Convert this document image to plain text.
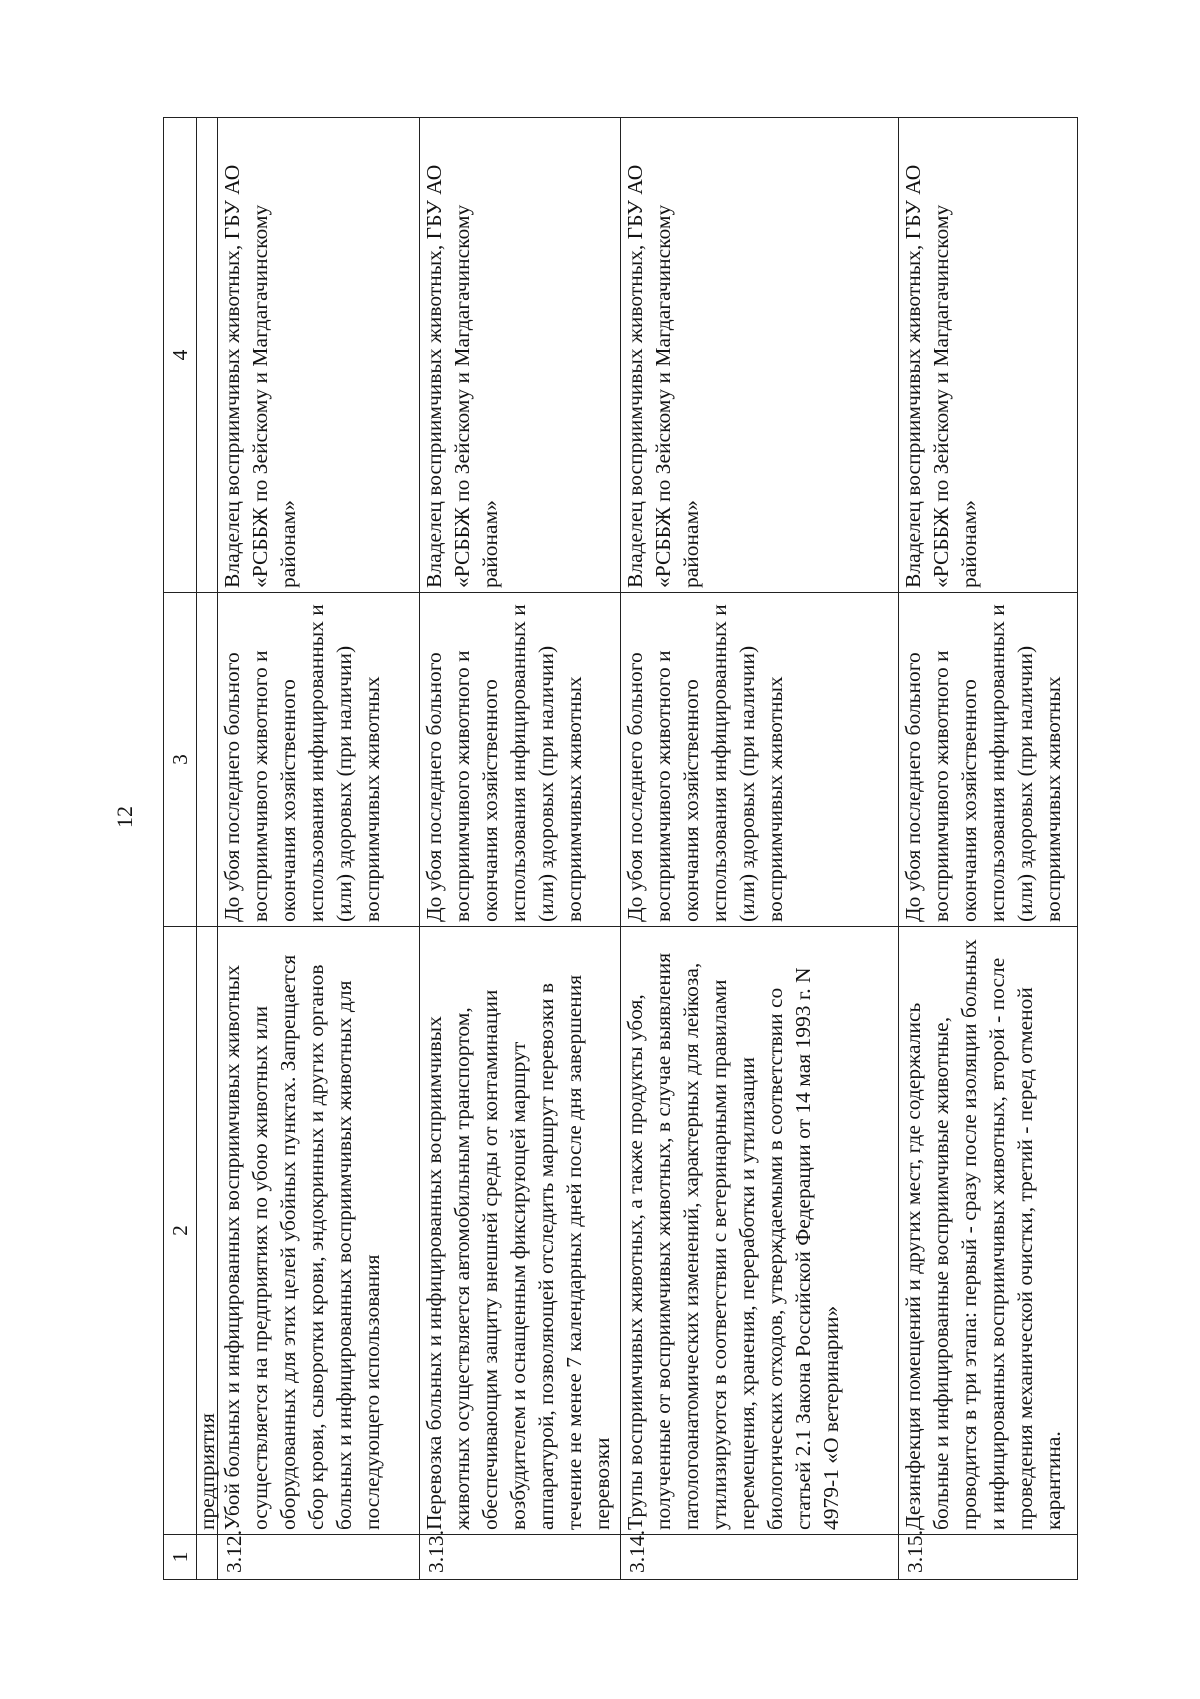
12
1	2	3	4
	предприятия		
3.12.	Убой больных и инфицированных восприимчивых животных осуществляется на предприятиях по убою животных или оборудованных для этих целей убойных пунктах. Запрещается сбор крови, сыворотки крови, эндокринных и других органов больных и инфицированных восприимчивых животных для последующего использования	До убоя последнего больного восприимчивого животного и окончания хозяйственного использования инфицированных и (или) здоровых (при наличии) восприимчивых животных	Владелец восприимчивых животных, ГБУ АО «РСББЖ по Зейскому и Магдагачинскому районам»
3.13.	Перевозка больных и инфицированных восприимчивых животных осуществляется автомобильным транспортом, обеспечивающим защиту внешней среды от контаминации возбудителем и оснащенным фиксирующей маршрут аппаратурой, позволяющей отследить маршрут перевозки в течение не менее 7 календарных дней после дня завершения перевозки	До убоя последнего больного восприимчивого животного и окончания хозяйственного использования инфицированных и (или) здоровых (при наличии) восприимчивых животных	Владелец восприимчивых животных, ГБУ АО «РСББЖ по Зейскому и Магдагачинскому районам»
3.14.	Трупы восприимчивых животных, а также продукты убоя, полученные от восприимчивых животных, в случае выявления патологоанатомических изменений, характерных для лейкоза, утилизируются в соответствии с ветеринарными правилами перемещения, хранения, переработки и утилизации биологических отходов, утверждаемыми в соответствии со статьей 2.1 Закона Российской Федерации от 14 мая 1993 г. N 4979-1 «О ветеринарии»	До убоя последнего больного восприимчивого животного и окончания хозяйственного использования инфицированных и (или) здоровых (при наличии) восприимчивых животных	Владелец восприимчивых животных, ГБУ АО «РСББЖ по Зейскому и Магдагачинскому районам»
3.15.	Дезинфекция помещений и других мест, где содержались больные и инфицированные восприимчивые животные, проводится в три этапа: первый - сразу после изоляции больных и инфицированных восприимчивых животных, второй - после проведения механической очистки, третий - перед отменой карантина.	До убоя последнего больного восприимчивого животного и окончания хозяйственного использования инфицированных и (или) здоровых (при наличии) восприимчивых животных	Владелец восприимчивых животных, ГБУ АО «РСББЖ по Зейскому и Магдагачинскому районам»
